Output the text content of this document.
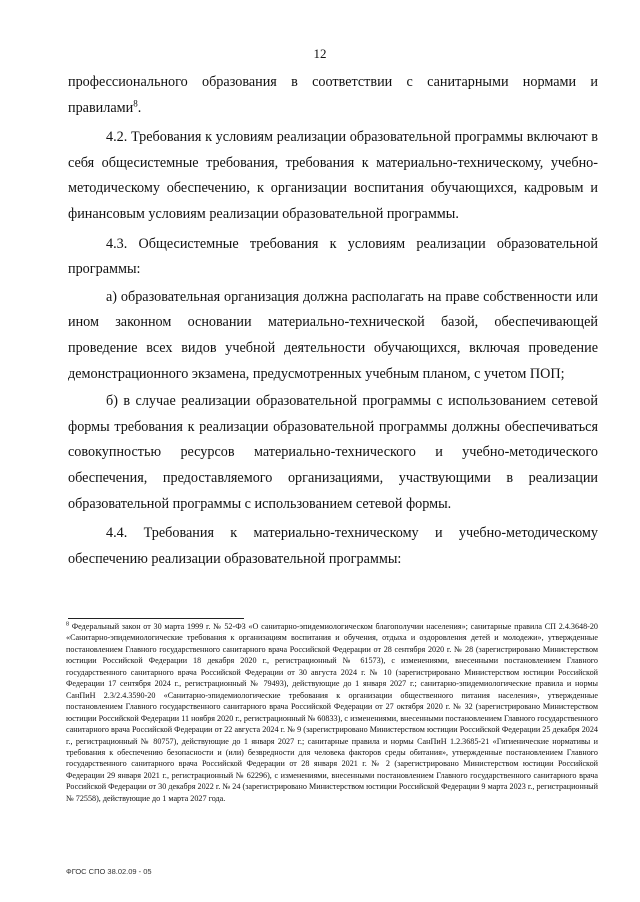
12

профессионального образования в соответствии с санитарными нормами и правилами$^8$.

4.2. Требования к условиям реализации образовательной программы включают в себя общесистемные требования, требования к материально-техническому, учебно-методическому обеспечению, к организации воспитания обучающихся, кадровым и финансовым условиям реализации образовательной программы.

4.3. Общесистемные требования к условиям реализации образовательной программы:

а) образовательная организация должна располагать на праве собственности или ином законном основании материально-технической базой, обеспечивающей проведение всех видов учебной деятельности обучающихся, включая проведение демонстрационного экзамена, предусмотренных учебным планом, с учетом ПОП;

б) в случае реализации образовательной программы с использованием сетевой формы требования к реализации образовательной программы должны обеспечиваться совокупностью ресурсов материально-технического и учебно-методического обеспечения, предоставляемого организациями, участвующими в реализации образовательной программы с использованием сетевой формы.

4.4. Требования к материально-техническому и учебно-методическому обеспечению реализации образовательной программы:

$^8$ Федеральный закон от 30 марта 1999 г. № 52-ФЗ «О санитарно-эпидемиологическом благополучии населения»; санитарные правила СП 2.4.3648-20 «Санитарно-эпидемиологические требования к организациям воспитания и обучения, отдыха и оздоровления детей и молодежи», утвержденные постановлением Главного государственного санитарного врача Российской Федерации от 28 сентября 2020 г. № 28 (зарегистрировано Министерством юстиции Российской Федерации 18 декабря 2020 г., регистрационный № 61573), с изменениями, внесенными постановлением Главного государственного санитарного врача Российской Федерации от 30 августа 2024 г. № 10 (зарегистрировано Министерством юстиции Российской Федерации 17 сентября 2024 г., регистрационный № 79493), действующие до 1 января 2027 г.; санитарно-эпидемиологические правила и нормы СанПиН 2.3/2.4.3590-20 «Санитарно-эпидемиологические требования к организации общественного питания населения», утвержденные постановлением Главного государственного санитарного врача Российской Федерации от 27 октября 2020 г. № 32 (зарегистрировано Министерством юстиции Российской Федерации 11 ноября 2020 г., регистрационный № 60833), с изменениями, внесенными постановлением Главного государственного санитарного врача Российской Федерации от 22 августа 2024 г. № 9 (зарегистрировано Министерством юстиции Российской Федерации 25 декабря 2024 г., регистрационный № 80757), действующие до 1 января 2027 г.; санитарные правила и нормы СанПиН 1.2.3685-21 «Гигиенические нормативы и требования к обеспечению безопасности и (или) безвредности для человека факторов среды обитания», утвержденные постановлением Главного государственного санитарного врача Российской Федерации от 28 января 2021 г. № 2 (зарегистрировано Министерством юстиции Российской Федерации 29 января 2021 г., регистрационный № 62296), с изменениями, внесенными постановлением Главного государственного санитарного врача Российской Федерации от 30 декабря 2022 г. № 24 (зарегистрировано Министерством юстиции Российской Федерации 9 марта 2023 г., регистрационный № 72558), действующие до 1 марта 2027 года.
ФГОС СПО 38.02.09 - 05
